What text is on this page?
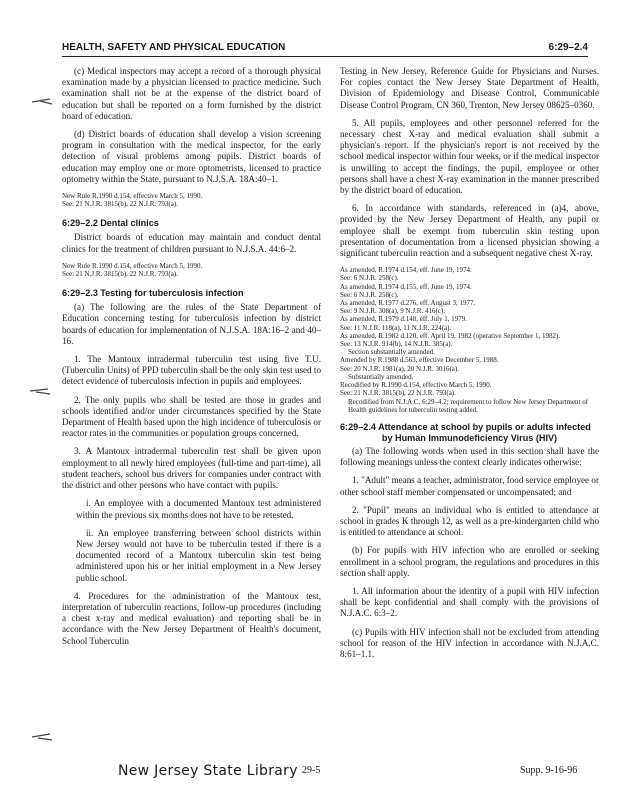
HEALTH, SAFETY AND PHYSICAL EDUCATION	6:29–2.4

(c) Medical inspectors may accept a record of a thorough physical examination made by a physician licensed to practice medicine. Such examination shall not be at the expense of the district board of education but shall be reported on a form furnished by the district board of education.

(d) District boards of education shall develop a vision screening program in consultation with the medical inspector, for the early detection of visual problems among pupils. District boards of education may employ one or more optometrists, licensed to practice optometry within the State, pursuant to N.J.S.A. 18A:40–1.

New Rule R.1990 d.154, effective March 5, 1990.
See: 21 N.J.R. 3815(b), 22 N.J.R. 793(a).
6:29–2.2 Dental clinics

District boards of education may maintain and conduct dental clinics for the treatment of children pursuant to N.J.S.A. 44:6–2.

New Rule R.1990 d.154, effective March 5, 1990.
See: 21 N.J.R. 3815(b), 22 N.J.R. 793(a).
6:29–2.3 Testing for tuberculosis infection

(a) The following are the rules of the State Department of Education concerning testing for tuberculosis infection by district boards of education for implementation of N.J.S.A. 18A:16–2 and 40–16.

1. The Mantoux intradermal tuberculin test using five T.U. (Tuberculin Units) of PPD tuberculin shall be the only skin test used to detect evidence of tuberculosis infection in pupils and employees.

2. The only pupils who shall be tested are those in grades and schools identified and/or under circumstances specified by the State Department of Health based upon the high incidence of tuberculosis or reactor rates in the communities or population groups concerned.

3. A Mantoux intradermal tuberculin test shall be given upon employment to all newly hired employees (full-time and part-time), all student teachers, school bus drivers for companies under contract with the district and other persons who have contact with pupils.

i. An employee with a documented Mantoux test administered within the previous six months does not have to be retested.

ii. An employee transferring between school districts within New Jersey would not have to be tuberculin tested if there is a documented record of a Mantoux tuberculin skin test being administered upon his or her initial employment in a New Jersey public school.

4. Procedures for the administration of the Mantoux test, interpretation of tuberculin reactions, follow-up procedures (including a chest x-ray and medical evaluation) and reporting shall be in accordance with the New Jersey Department of Health's document, School Tuberculin

Testing in New Jersey, Reference Guide for Physicians and Nurses. For copies contact the New Jersey State Department of Health, Division of Epidemiology and Disease Control, Communicable Disease Control Program, CN 360, Trenton, New Jersey 08625–0360.

5. All pupils, employees and other personnel referred for the necessary chest X-ray and medical evaluation shall submit a physician's report. If the physician's report is not received by the school medical inspector within four weeks, or if the medical inspector is unwilling to accept the findings, the pupil, employee or other persons shall have a chest X-ray examination in the manner prescribed by the district board of education.

6. In accordance with standards, referenced in (a)4, above, provided by the New Jersey Department of Health, any pupil or employee shall be exempt from tuberculin skin testing upon presentation of documentation from a licensed physician showing a significant tuberculin reaction and a subsequent negative chest X-ray.

As amended, R.1974 d.154, eff. June 19, 1974.
See: 6 N.J.R. 258(c).
As amended, R.1974 d.155, eff. June 19, 1974.
See: 6 N.J.R. 258(c).
As amended, R.1977 d.276, eff. August 3, 1977.
See: 9 N.J.R. 308(a), 9 N.J.R. 416(c).
As amended, R.1979 d.148, eff. July 1, 1979.
See: 11 N.J.R. 118(a), 11 N.J.R. 224(a).
As amended, R.1982 d.120, eff. April 19, 1982 (operative September 1, 1982).
See: 13 N.J.R. 914(b), 14 N.J.R. 385(a).
Section substantially amended.
Amended by R.1988 d.563, effective December 5, 1988.
See: 20 N.J.R. 1981(a), 20 N.J.R. 3016(a).
Substantially amended.
Recodified by R.1990 d.154, effective March 5, 1990.
See: 21 N.J.R. 3815(b), 22 N.J.R. 793(a).
Recodified from N.J.A.C. 6:29–4.2; requirement to follow New Jersey Department of Health guidelines for tuberculin testing added.
6:29–2.4 Attendance at school by pupils or adults infected
by Human Immunodeficiency Virus (HIV)

(a) The following words when used in this section shall have the following meanings unless the context clearly indicates otherwise:

1. "Adult" means a teacher, administrator, food service employee or other school staff member compensated or uncompensated; and

2. "Pupil" means an individual who is entitled to attendance at school in grades K through 12, as well as a pre-kindergarten child who is entitled to attendance at school.

(b) For pupils with HIV infection who are enrolled or seeking enrollment in a school program, the regulations and procedures in this section shall apply.

1. All information about the identity of a pupil with HIV infection shall be kept confidential and shall comply with the provisions of N.J.A.C. 6:3–2.

(c) Pupils with HIV infection shall not be excluded from attending school for reason of the HIV infection in accordance with N.J.A.C. 8:61–1.1.

New Jersey State Library 29-5	Supp. 9-16-96
